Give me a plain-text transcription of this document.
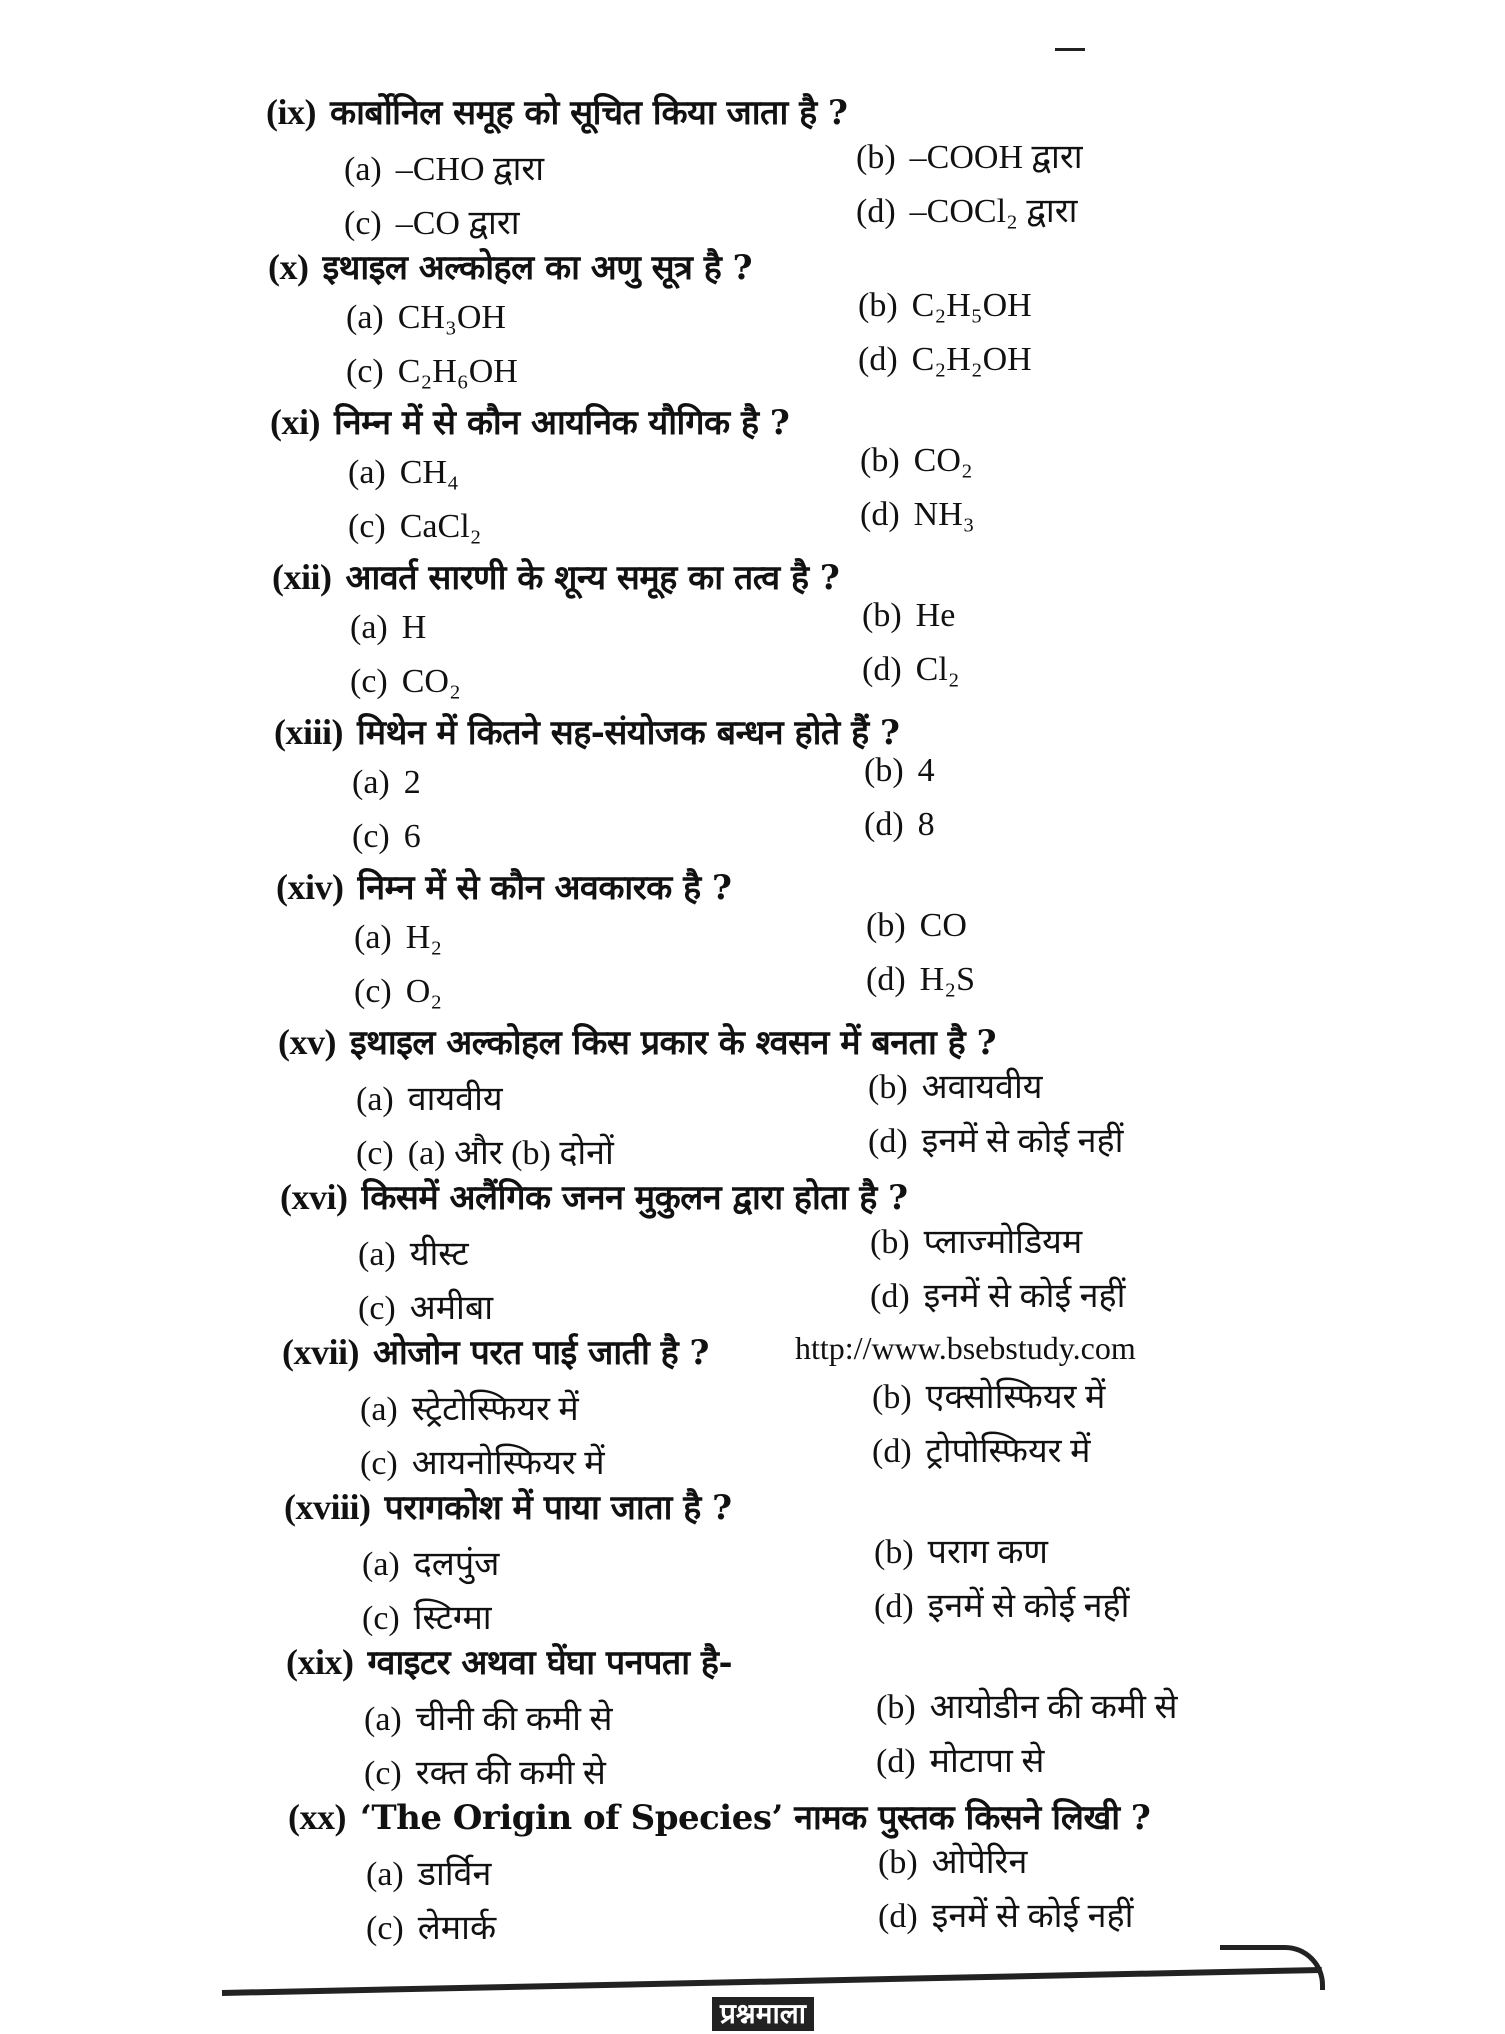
(ix) कार्बोनिल समूह को सूचित किया जाता है ?
(a) –CHO द्वारा	(b) –COOH द्वारा
(c) –CO द्वारा	(d) –COCl₂ द्वारा
(x) इथाइल अल्कोहल का अणु सूत्र है ?
(a) CH₃OH	(b) C₂H₅OH
(c) C₂H₆OH	(d) C₂H₂OH
(xi) निम्न में से कौन आयनिक यौगिक है ?
(a) CH₄	(b) CO₂
(c) CaCl₂	(d) NH₃
(xii) आवर्त सारणी के शून्य समूह का तत्व है ?
(a) H	(b) He
(c) CO₂	(d) Cl₂
(xiii) मिथेन में कितने सह-संयोजक बन्धन होते हैं ?
(a) 2	(b) 4
(c) 6	(d) 8
(xiv) निम्न में से कौन अवकारक है ?
(a) H₂	(b) CO
(c) O₂	(d) H₂S
(xv) इथाइल अल्कोहल किस प्रकार के श्वसन में बनता है ?
(a) वायवीय	(b) अवायवीय
(c) (a) और (b) दोनों	(d) इनमें से कोई नहीं
(xvi) किसमें अलैंगिक जनन मुकुलन द्वारा होता है ?
(a) यीस्ट	(b) प्लाज्मोडियम
(c) अमीबा	(d) इनमें से कोई नहीं
(xvii) ओजोन परत पाई जाती है ?
(a) स्ट्रेटोस्फियर में	(b) एक्सोस्फियर में
(c) आयनोस्फियर में	(d) ट्रोपोस्फियर में
(xviii) परागकोश में पाया जाता है ?
(a) दलपुंज	(b) पराग कण
(c) स्टिग्मा	(d) इनमें से कोई नहीं
(xix) ग्वाइटर अथवा घेंघा पनपता है-
(a) चीनी की कमी से	(b) आयोडीन की कमी से
(c) रक्त की कमी से	(d) मोटापा से
(xx) ‘The Origin of Species’ नामक पुस्तक किसने लिखी ?
(a) डार्विन	(b) ओपेरिन
(c) लेमार्क	(d) इनमें से कोई नहीं
http://www.bsebstudy.com
प्रश्नमाला
